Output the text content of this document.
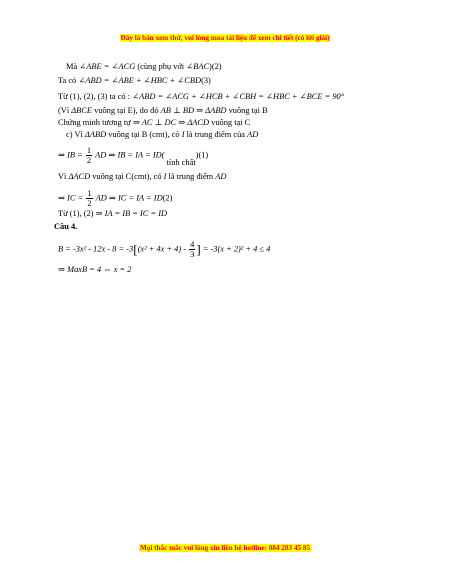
Đây là bản xem thử, vui lòng mua tài liệu để xem chi tiết (có lời giải)
Mà ∠ABE = ∠ACG (cùng phụ với ∠BAC)(2)
Ta có ∠ABD = ∠ABE + ∠HBC + ∠CBD(3)
Từ (1), (2), (3) ta có : ∠ABD = ∠ACG + ∠HCB + ∠CBH = ∠HBC + ∠BCE = 90°
(Vì ΔBCE vuông tại E), do đó AB ⊥ BD ⇒ ΔABD vuông tại B
Chứng minh tương tự ⇒ AC ⊥ DC ⇒ ΔACD vuông tại C
c) Vì ΔABD vuông tại B (cmt), có I là trung điểm của AD
⇒ IB = $\frac{1}{2}$ AD ⇒ IB = IA = ID( tính chất)(1)
Vì ΔACD vuông tại C(cmt), có I là trung điểm AD
⇒ IC = $\frac{1}{2}$ AD ⇒ IC = IA = ID(2)
Từ (1), (2) ⇒ IA = IB = IC = ID
Câu 4.
$B = -3x^2 - 12x - 8 = -3[(x^2 + 4x + 4) - \frac{4}{3}$ ] = -3(x + 2)² + 4 ≤ 4
⇒ MaxB = 4 ⇔ x = 2
Mọi thắc mắc vui lòng xin liên hệ hotline: 084 283 45 85
